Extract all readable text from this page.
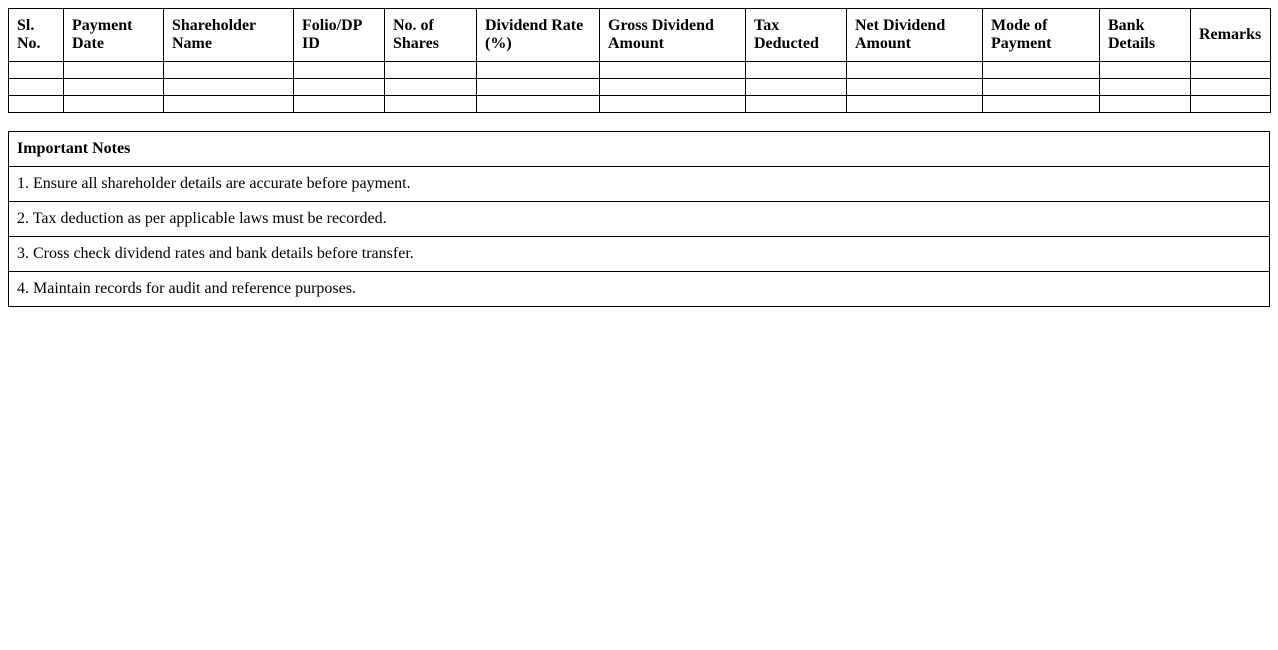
Sl. No.	Payment Date	Shareholder Name	Folio/DP ID	No. of Shares	Dividend Rate (%)	Gross Dividend Amount	Tax Deducted	Net Dividend Amount	Mode of Payment	Bank Details	Remarks

Important Notes
1. Ensure all shareholder details are accurate before payment.
2. Tax deduction as per applicable laws must be recorded.
3. Cross check dividend rates and bank details before transfer.
4. Maintain records for audit and reference purposes.
